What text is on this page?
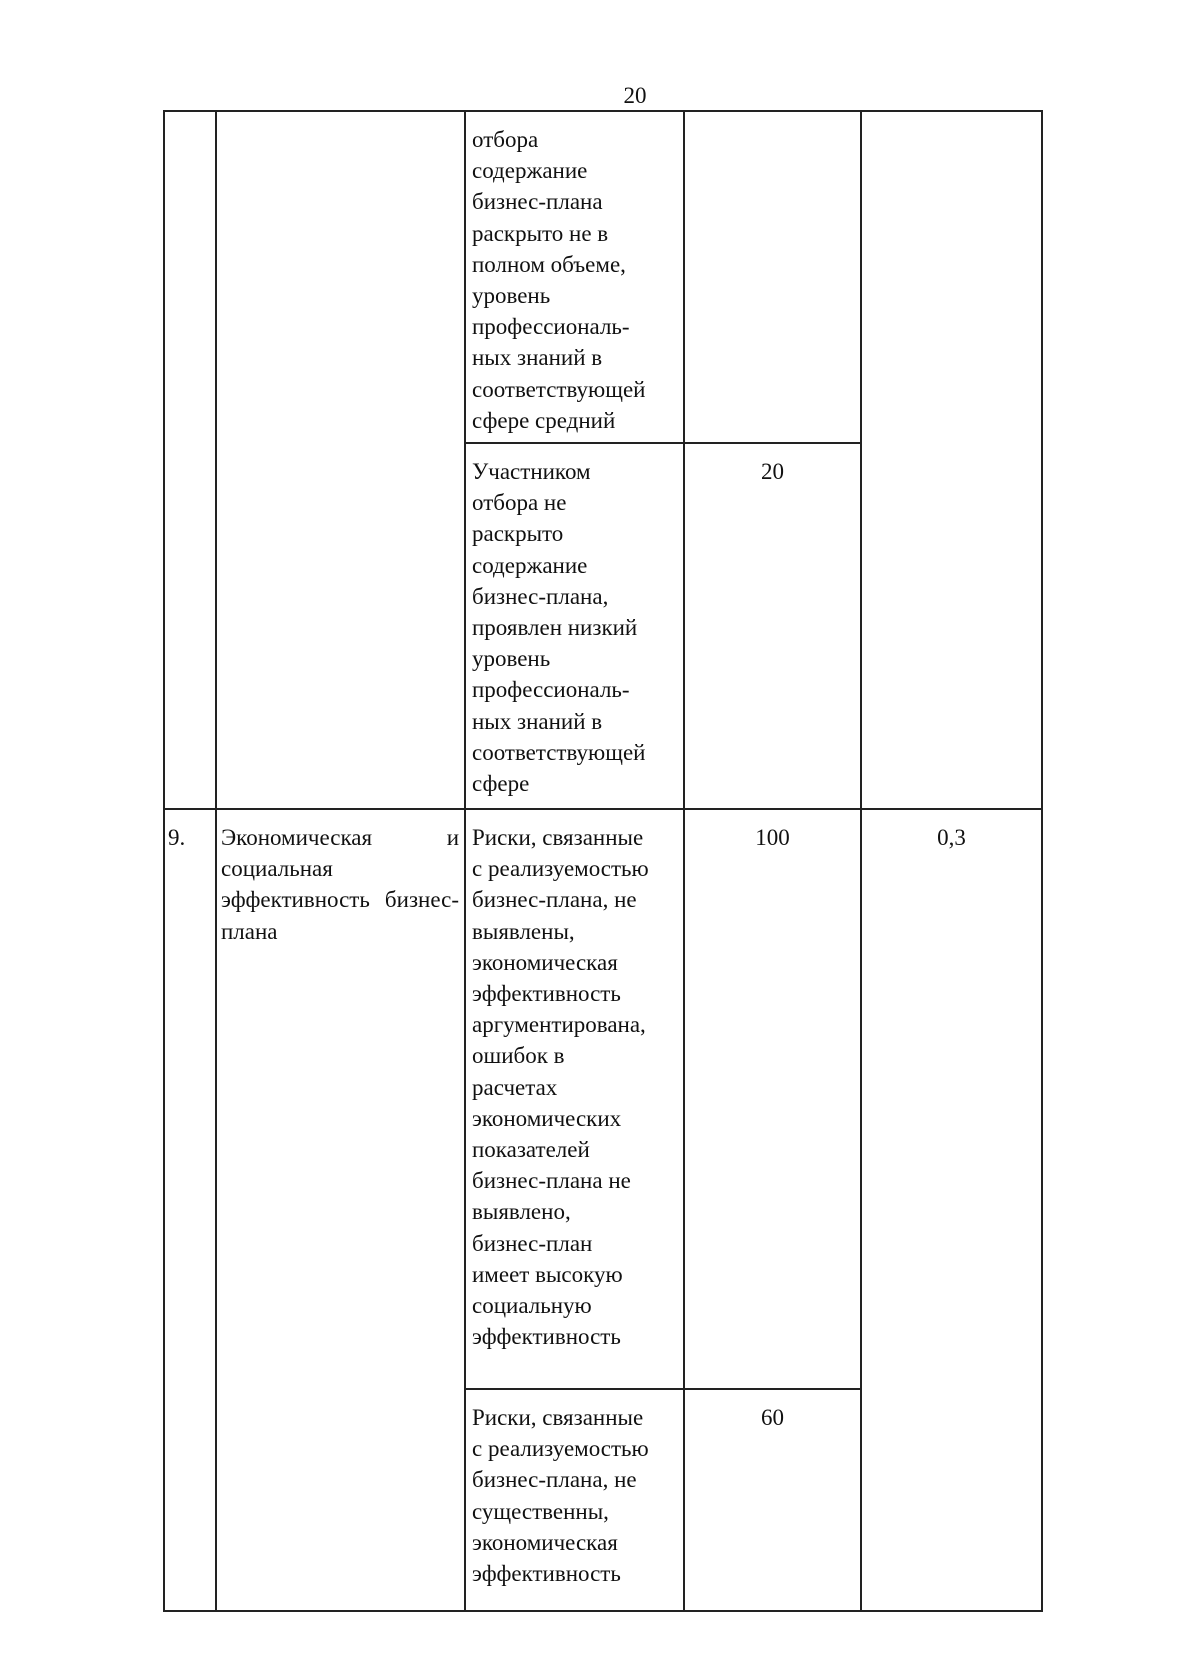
20
отбора
содержание
бизнес-плана
раскрыто не в
полном объеме,
уровень
профессиональ-
ных знаний в
соответствующей
сфере средний
Участником
отбора не
раскрыто
содержание
бизнес-плана,
проявлен низкий
уровень
профессиональ-
ных знаний в
соответствующей
сфере
20
9.	Экономическая и социальная эффективность бизнес-плана
Риски, связанные
с реализуемостью
бизнес-плана, не
выявлены,
экономическая
эффективность
аргументирована,
ошибок в
расчетах
экономических
показателей
бизнес-плана не
выявлено,
бизнес-план
имеет высокую
социальную
эффективность
100	0,3
Риски, связанные
с реализуемостью
бизнес-плана, не
существенны,
экономическая
эффективность
60
